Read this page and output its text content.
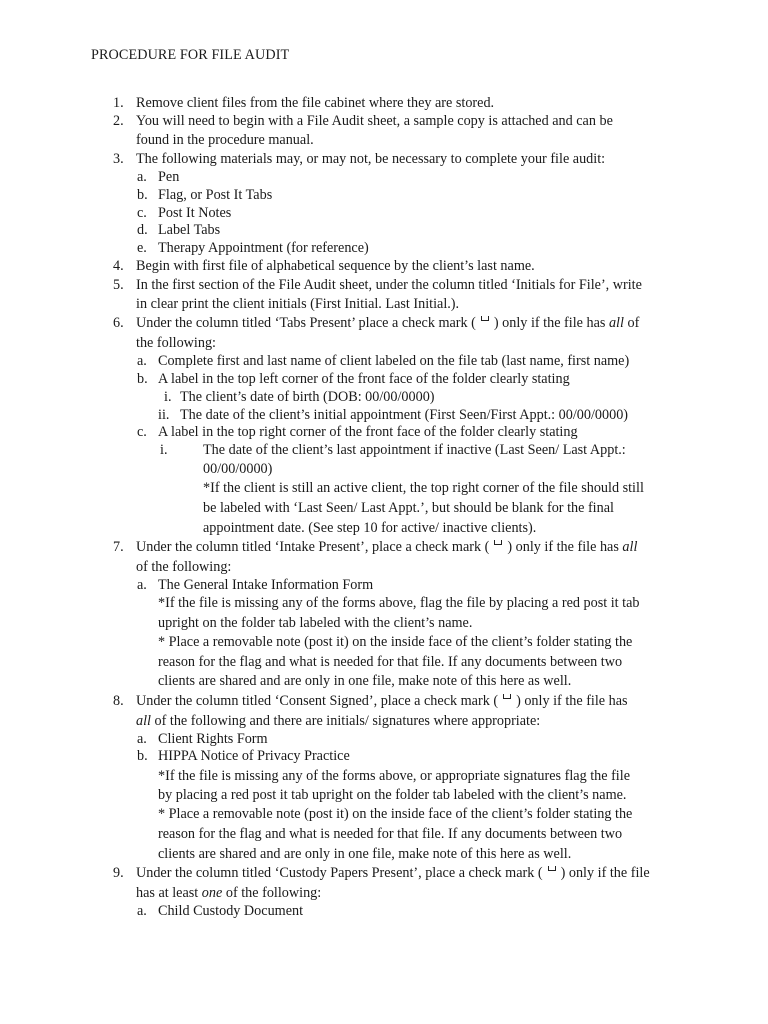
PROCEDURE FOR FILE AUDIT
1. Remove client files from the file cabinet where they are stored.
2. You will need to begin with a File Audit sheet, a sample copy is attached and can be
found in the procedure manual.
3. The following materials may, or may not, be necessary to complete your file audit:
a. Pen
b. Flag, or Post It Tabs
c. Post It Notes
d. Label Tabs
e. Therapy Appointment (for reference)
4. Begin with first file of alphabetical sequence by the client’s last name.
5. In the first section of the File Audit sheet, under the column titled ‘Initials for File’, write
in clear print the client initials (First Initial. Last Initial.).
6. Under the column titled ‘Tabs Present’ place a check mark ( ) only if the file has all of
the following:
a. Complete first and last name of client labeled on the file tab (last name, first name)
b. A label in the top left corner of the front face of the folder clearly stating
i. The client’s date of birth (DOB: 00/00/0000)
ii. The date of the client’s initial appointment (First Seen/First Appt.: 00/00/0000)
c. A label in the top right corner of the front face of the folder clearly stating
i.	The date of the client’s last appointment if inactive (Last Seen/ Last Appt.:
00/00/0000)
*If the client is still an active client, the top right corner of the file should still
be labeled with ‘Last Seen/ Last Appt.’, but should be blank for the final
appointment date. (See step 10 for active/ inactive clients).
7. Under the column titled ‘Intake Present’, place a check mark ( ) only if the file has all
of the following:
a. The General Intake Information Form
*If the file is missing any of the forms above, flag the file by placing a red post it tab
upright on the folder tab labeled with the client’s name.
* Place a removable note (post it) on the inside face of the client’s folder stating the
reason for the flag and what is needed for that file. If any documents between two
clients are shared and are only in one file, make note of this here as well.
8. Under the column titled ‘Consent Signed’, place a check mark ( ) only if the file has
all of the following and there are initials/ signatures where appropriate:
a. Client Rights Form
b. HIPPA Notice of Privacy Practice
*If the file is missing any of the forms above, or appropriate signatures flag the file
by placing a red post it tab upright on the folder tab labeled with the client’s name.
* Place a removable note (post it) on the inside face of the client’s folder stating the
reason for the flag and what is needed for that file. If any documents between two
clients are shared and are only in one file, make note of this here as well.
9. Under the column titled ‘Custody Papers Present’, place a check mark ( ) only if the file
has at least one of the following:
a. Child Custody Document
